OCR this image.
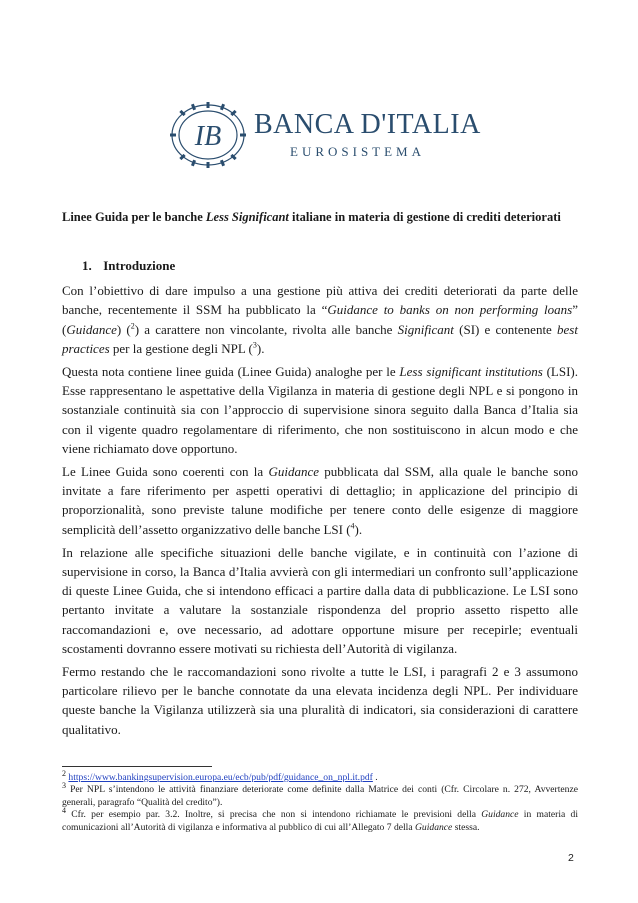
IB BANCA D'ITALIA
EUROSISTEMA
Linee Guida per le banche Less Significant italiane in materia di gestione di crediti deteriorati
1. Introduzione

Con l’obiettivo di dare impulso a una gestione più attiva dei crediti deteriorati da parte delle banche, recentemente il SSM ha pubblicato la “Guidance to banks on non performing loans” (Guidance) ($^2$) a carattere non vincolante, rivolta alle banche Significant (SI) e contenente best practices per la gestione degli NPL ($^3$).

Questa nota contiene linee guida (Linee Guida) analoghe per le Less significant institutions (LSI). Esse rappresentano le aspettative della Vigilanza in materia di gestione degli NPL e si pongono in sostanziale continuità sia con l’approccio di supervisione sinora seguito dalla Banca d’Italia sia con il vigente quadro regolamentare di riferimento, che non sostituiscono in alcun modo e che viene richiamato dove opportuno.

Le Linee Guida sono coerenti con la Guidance pubblicata dal SSM, alla quale le banche sono invitate a fare riferimento per aspetti operativi di dettaglio; in applicazione del principio di proporzionalità, sono previste talune modifiche per tenere conto delle esigenze di maggiore semplicità dell’assetto organizzativo delle banche LSI ($^4$).

In relazione alle specifiche situazioni delle banche vigilate, e in continuità con l’azione di supervisione in corso, la Banca d’Italia avvierà con gli intermediari un confronto sull’applicazione di queste Linee Guida, che si intendono efficaci a partire dalla data di pubblicazione. Le LSI sono pertanto invitate a valutare la sostanziale rispondenza del proprio assetto rispetto alle raccomandazioni e, ove necessario, ad adottare opportune misure per recepirle; eventuali scostamenti dovranno essere motivati su richiesta dell’Autorità di vigilanza.

Fermo restando che le raccomandazioni sono rivolte a tutte le LSI, i paragrafi 2 e 3 assumono particolare rilievo per le banche connotate da una elevata incidenza degli NPL. Per individuare queste banche la Vigilanza utilizzerà sia una pluralità di indicatori, sia considerazioni di carattere qualitativo.

$^2$ https://www.bankingsupervision.europa.eu/ecb/pub/pdf/guidance_on_npl.it.pdf .
$^3$ Per NPL s’intendono le attività finanziare deteriorate come definite dalla Matrice dei conti (Cfr. Circolare n. 272, Avvertenze generali, paragrafo “Qualità del credito”).
$^4$ Cfr. per esempio par. 3.2. Inoltre, si precisa che non si intendono richiamate le previsioni della Guidance in materia di comunicazioni all’Autorità di vigilanza e informativa al pubblico di cui all’Allegato 7 della Guidance stessa.
2
